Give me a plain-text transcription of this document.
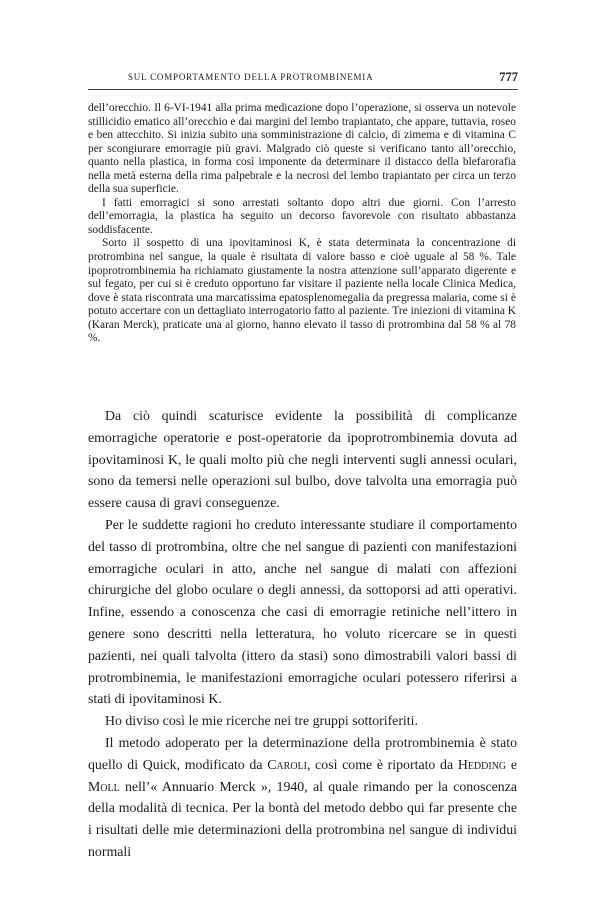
SUL COMPORTAMENTO DELLA PROTROMBINEMIA	777

dell’orecchio. Il 6-VI-1941 alla prima medicazione dopo l’operazione, si osserva un notevole stillicidio ematico all’orecchio e dai margini del lembo trapiantato, che appare, tuttavia, roseo e ben attecchito. Si inizia subito una somministrazione di calcio, di zimema e di vitamina C per scongiurare emorragie più gravi. Malgrado ciò queste si verificano tanto all’orecchio, quanto nella plastica, in forma così imponente da determinare il distacco della blefarorafia nella metà esterna della rima palpebrale e la necrosi del lembo trapiantato per circa un terzo della sua superficie.

I fatti emorragici si sono arrestati soltanto dopo altri due giorni. Con l’arresto dell’emorragia, la plastica ha seguito un decorso favorevole con risultato abbastanza soddisfacente.

Sorto il sospetto di una ipovitaminosi K, è stata determinata la concentrazione di protrombina nel sangue, la quale è risultata di valore basso e cioè uguale al 58 %. Tale ipoprotrombinemia ha richiamato giustamente la nostra attenzione sull’apparato digerente e sul fegato, per cui si è creduto opportuno far visitare il paziente nella locale Clinica Medica, dove è stata riscontrata una marcatissima epatosplenomegalia da pregressa malaria, come si è potuto accertare con un dettagliato interrogatorio fatto al paziente. Tre iniezioni di vitamina K (Karan Merck), praticate una al giorno, hanno elevato il tasso di protrombina dal 58 % al 78 %.

Da ciò quindi scaturisce evidente la possibilità di complicanze emorragiche operatorie e post-operatorie da ipoprotrombinemia dovuta ad ipovitaminosi K, le quali molto più che negli interventi sugli annessi oculari, sono da temersi nelle operazioni sul bulbo, dove talvolta una emorragia può essere causa di gravi conseguenze.

Per le suddette ragioni ho creduto interessante studiare il comportamento del tasso di protrombina, oltre che nel sangue di pazienti con manifestazioni emorragiche oculari in atto, anche nel sangue di malati con affezioni chirurgiche del globo oculare o degli annessi, da sottoporsi ad atti operativi. Infine, essendo a conoscenza che casi di emorragie retiniche nell’ittero in genere sono descritti nella letteratura, ho voluto ricercare se in questi pazienti, nei quali talvolta (ittero da stasi) sono dimostrabili valori bassi di protrombinemia, le manifestazioni emorragiche oculari potessero riferirsi a stati di ipovitaminosi K.

Ho diviso così le mie ricerche nei tre gruppi sottoriferiti.

Il metodo adoperato per la determinazione della protrombinemia è stato quello di Quick, modificato da Caroli, così come è riportato da Hedding e Moll nell’« Annuario Merck », 1940, al quale rimando per la conoscenza della modalità di tecnica. Per la bontà del metodo debbo qui far presente che i risultati delle mie determinazioni della protrombina nel sangue di individui normali
